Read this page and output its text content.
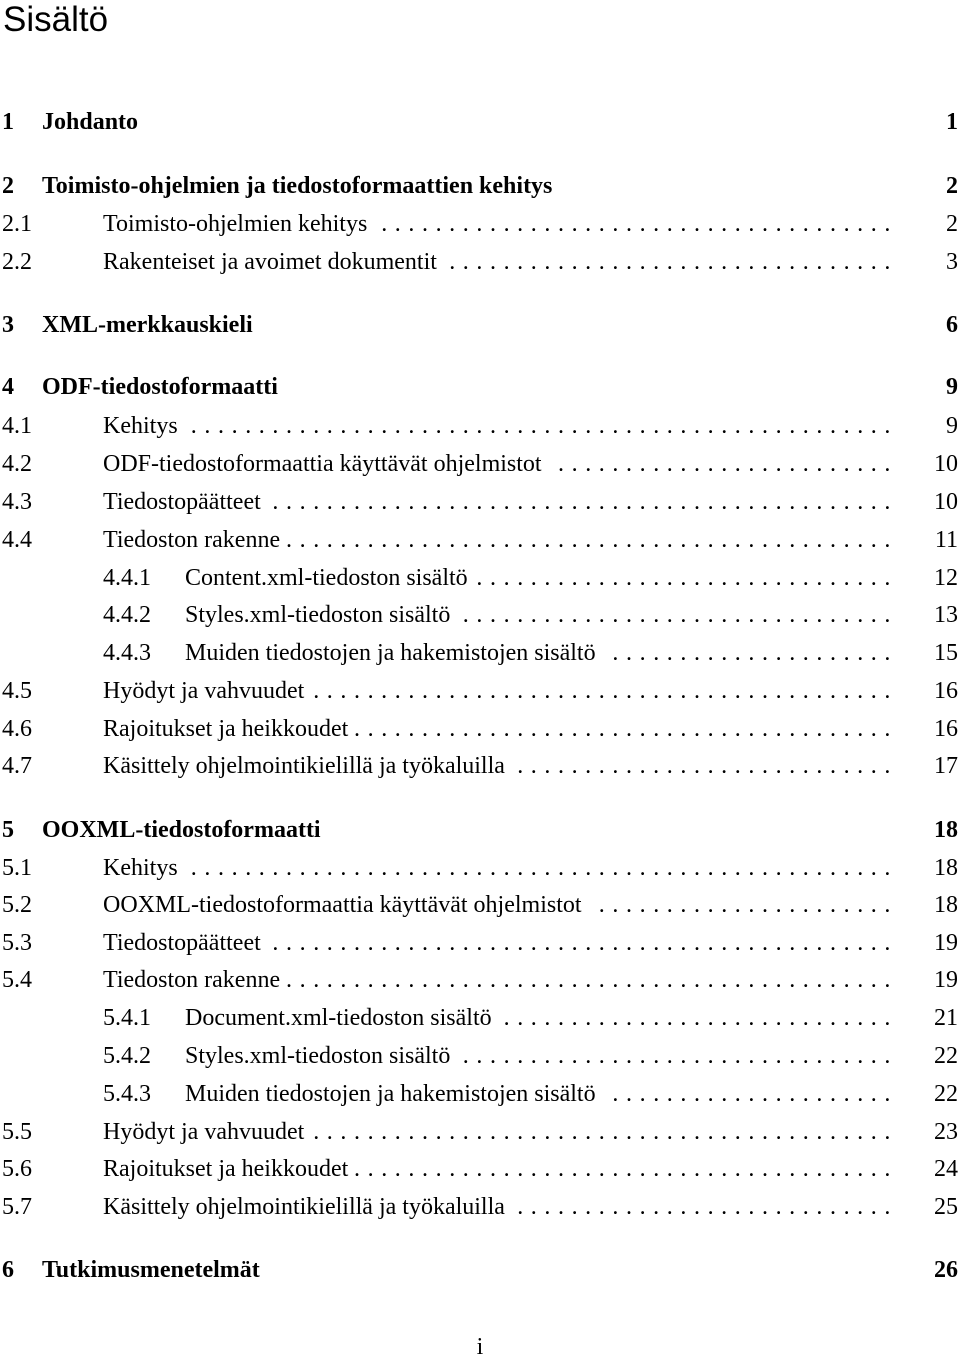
Sisältö
1 Johdanto	1
2 Toimisto-ohjelmien ja tiedostoformaattien kehitys	2
2.1	Toimisto-ohjelmien kehitys ...................................... 2
2.2	Rakenteiset ja avoimet dokumentit ................................. 3
3 XML-merkkauskieli	6
4 ODF-tiedostoformaatti	9
4.1	Kehitys .................................................... 9
4.2	ODF-tiedostoformaattia käyttävät ohjelmistot ......................... 10
4.3	Tiedostopäätteet .............................................. 10
4.4	Tiedoston rakenne ............................................. 11
4.4.1 Content.xml-tiedoston sisältö ............................... 12
4.4.2 Styles.xml-tiedoston sisältö ................................ 13
4.4.3 Muiden tiedostojen ja hakemistojen sisältö ..................... 15
4.5	Hyödyt ja vahvuudet ........................................... 16
4.6	Rajoitukset ja heikkoudet ........................................ 16
4.7	Käsittely ohjelmointikielillä ja työkaluilla ............................ 17
5 OOXML-tiedostoformaatti	18
5.1	Kehitys .................................................... 18
5.2	OOXML-tiedostoformaattia käyttävät ohjelmistot ...................... 18
5.3	Tiedostopäätteet .............................................. 19
5.4	Tiedoston rakenne ............................................. 19
5.4.1 Document.xml-tiedoston sisältö ............................. 21
5.4.2 Styles.xml-tiedoston sisältö ................................ 22
5.4.3 Muiden tiedostojen ja hakemistojen sisältö ..................... 22
5.5	Hyödyt ja vahvuudet ........................................... 23
5.6	Rajoitukset ja heikkoudet ........................................ 24
5.7	Käsittely ohjelmointikielillä ja työkaluilla ............................ 25
6 Tutkimusmenetelmät	26
i
